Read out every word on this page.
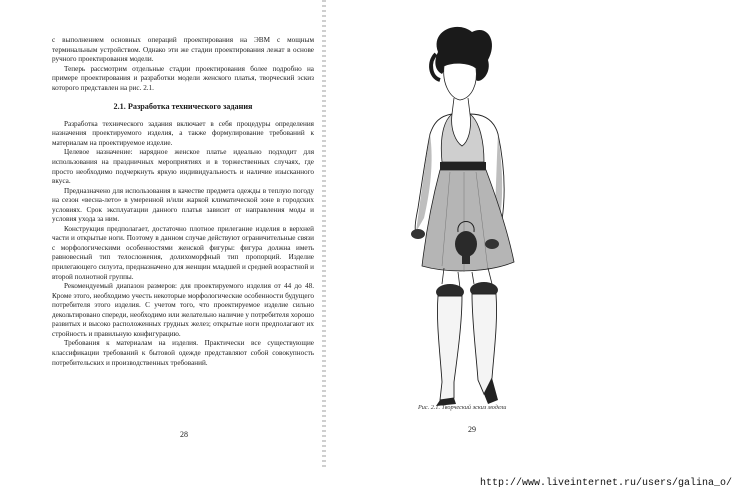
с выполнением основных операций проектирования на ЭВМ с мощным терминальным устройством. Однако эти же стадии проектирования лежат в основе ручного проектирования модели.

Теперь рассмотрим отдельные стадии проектирования более подробно на примере проектирования и разработки модели женского платья, творческий эскиз которого представлен на рис. 2.1.

2.1. Разработка технического задания

Разработка технического задания включает в себя процедуры определения назначения проектируемого изделия, а также формулирование требований к материалам на проектируемое изделие.

Целевое назначение: нарядное женское платье идеально подходит для использования на праздничных мероприятиях и в торжественных случаях, где просто необходимо подчеркнуть яркую индивидуальность и наличие изысканного вкуса.

Предназначено для использования в качестве предмета одежды в теплую погоду на сезон «весна-лето» в умеренной и/или жаркой климатической зоне в городских условиях. Срок эксплуатации данного платья зависит от направления моды и условия ухода за ним.

Конструкция предполагает, достаточно плотное прилегание изделия в верхней части и открытые ноги. Поэтому в данном случае действуют ограничительные связи с морфологическими особенностями женской фигуры: фигура должна иметь равновесный тип телосложения, долихоморфный тип пропорций. Изделие прилегающего силуэта, предназначено для женщин младшей и средней возрастной и второй полнотной группы.

Рекомендуемый диапазон размеров: для проектируемого изделия от 44 до 48. Кроме этого, необходимо учесть некоторые морфологические особенности будущего потребителя этого изделия. С учетом того, что проектируемое изделие сильно декольтировано спереди, необходимо или желательно наличие у потребителя хорошо развитых и высоко расположенных грудных желез; открытые ноги предполагают их стройность и правильную конфигурацию.

Требования к материалам на изделия. Практически все существующие классификации требований к бытовой одежде представляют собой совокупность потребительских и производственных требований.

28
Рис. 2.1. Творческий эскиз модели
29
http://www.liveinternet.ru/users/galina_o/
